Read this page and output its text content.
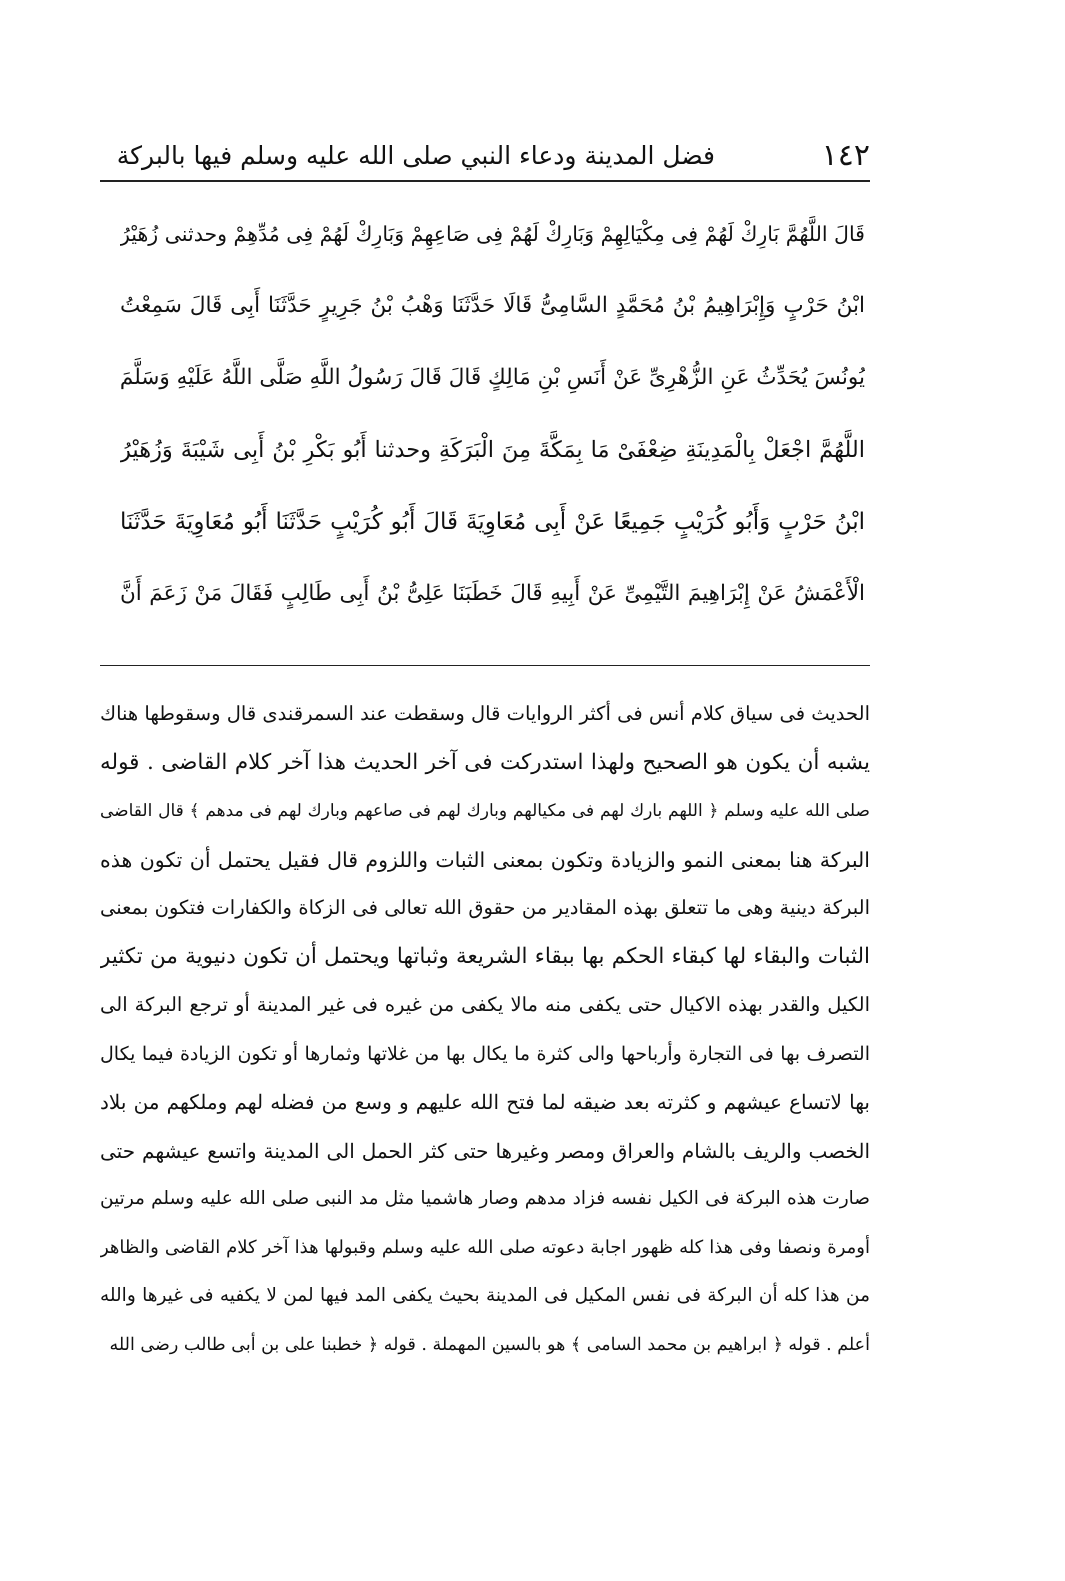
١٤٢
فضل المدينة ودعاء النبي صلى الله عليه وسلم فيها بالبركة
قَالَ اللَّهُمَّ بَارِكْ لَهُمْ فِى مِكْيَالِهِمْ وَبَارِكْ لَهُمْ فِى صَاعِهِمْ وَبَارِكْ لَهُمْ فِى مُدِّهِمْ وحدثنى زُهَيْرُ
ابْنُ حَرْبٍ وَإِبْرَاهِيمُ بْنُ مُحَمَّدٍ السَّامِىُّ قَالَا حَدَّثَنَا وَهْبُ بْنُ جَرِيرٍ حَدَّثَنَا أَبِى قَالَ سَمِعْتُ
يُونُسَ يُحَدِّثُ عَنِ الزُّهْرِىِّ عَنْ أَنَسِ بْنِ مَالِكٍ قَالَ قَالَ رَسُولُ اللَّهِ صَلَّى اللَّهُ عَلَيْهِ وَسَلَّمَ
اللَّهُمَّ اجْعَلْ بِالْمَدِينَةِ ضِعْفَىْ مَا بِمَكَّةَ مِنَ الْبَرَكَةِ وحدثنا أَبُو بَكْرِ بْنُ أَبِى شَيْبَةَ وَزُهَيْرُ
ابْنُ حَرْبٍ وَأَبُو كُرَيْبٍ جَمِيعًا عَنْ أَبِى مُعَاوِيَةَ قَالَ أَبُو كُرَيْبٍ حَدَّثَنَا أَبُو مُعَاوِيَةَ حَدَّثَنَا
الْأَعْمَشُ عَنْ إِبْرَاهِيمَ التَّيْمِىِّ عَنْ أَبِيهِ قَالَ خَطَبَنَا عَلِىُّ بْنُ أَبِى طَالِبٍ فَقَالَ مَنْ زَعَمَ أَنَّ
الحديث فى سياق كلام أنس فى أكثر الروايات قال وسقطت عند السمرقندى قال وسقوطها هناك
يشبه أن يكون هو الصحيح ولهذا استدركت فى آخر الحديث هذا آخر كلام القاضى . قوله
صلى الله عليه وسلم ﴿ اللهم بارك لهم فى مكيالهم وبارك لهم فى صاعهم وبارك لهم فى مدهم ﴾ قال القاضى
البركة هنا بمعنى النمو والزيادة وتكون بمعنى الثبات واللزوم قال فقيل يحتمل أن تكون هذه
البركة دينية وهى ما تتعلق بهذه المقادير من حقوق الله تعالى فى الزكاة والكفارات فتكون بمعنى
الثبات والبقاء لها كبقاء الحكم بها ببقاء الشريعة وثباتها ويحتمل أن تكون دنيوية من تكثير
الكيل والقدر بهذه الاكيال حتى يكفى منه مالا يكفى من غيره فى غير المدينة أو ترجع البركة الى
التصرف بها فى التجارة وأرباحها والى كثرة ما يكال بها من غلاتها وثمارها أو تكون الزيادة فيما يكال
بها لاتساع عيشهم و كثرته بعد ضيقه لما فتح الله عليهم و وسع من فضله لهم وملكهم من بلاد
الخصب والريف بالشام والعراق ومصر وغيرها حتى كثر الحمل الى المدينة واتسع عيشهم حتى
صارت هذه البركة فى الكيل نفسه فزاد مدهم وصار هاشميا مثل مد النبى صلى الله عليه وسلم مرتين
أومرة ونصفا وفى هذا كله ظهور اجابة دعوته صلى الله عليه وسلم وقبولها هذا آخر كلام القاضى والظاهر
من هذا كله أن البركة فى نفس المكيل فى المدينة بحيث يكفى المد فيها لمن لا يكفيه فى غيرها والله
أعلم . قوله ﴿ ابراهيم بن محمد السامى ﴾ هو بالسين المهملة . قوله ﴿ خطبنا على بن أبى طالب رضى الله
